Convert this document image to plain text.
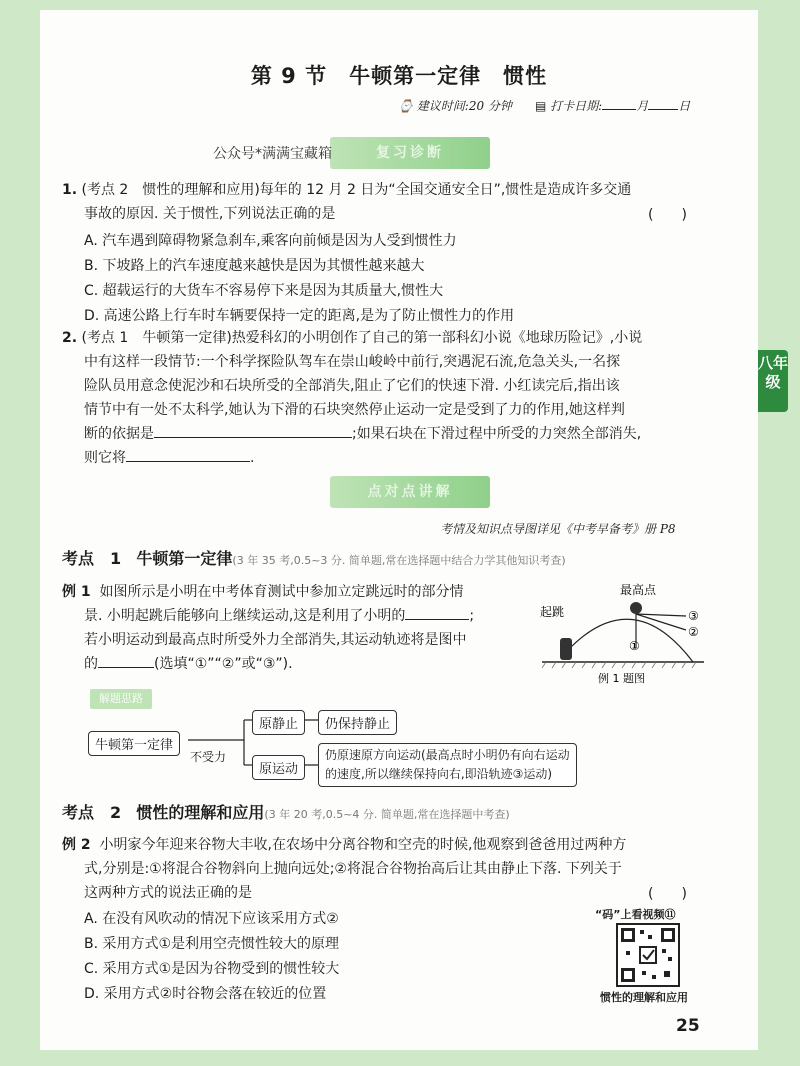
八年级
第 9 节　牛顿第一定律　惯性
⌚ 建议时间:20 分钟 ▤ 打卡日期:	月	日
复习诊断
公众号*满满宝藏箱
1. (考点 2　惯性的理解和应用)每年的 12 月 2 日为“全国交通安全日”,惯性是造成许多交通
事故的原因. 关于惯性,下列说法正确的是	(　　)
A. 汽车遇到障碍物紧急刹车,乘客向前倾是因为人受到惯性力
B. 下坡路上的汽车速度越来越快是因为其惯性越来越大
C. 超载运行的大货车不容易停下来是因为其质量大,惯性大
D. 高速公路上行车时车辆要保持一定的距离,是为了防止惯性力的作用
2. (考点 1　牛顿第一定律)热爱科幻的小明创作了自己的第一部科幻小说《地球历险记》,小说
中有这样一段情节:一个科学探险队驾车在崇山峻岭中前行,突遇泥石流,危急关头,一名探
险队员用意念使泥沙和石块所受的全部消失,阻止了它们的快速下滑. 小红读完后,指出该
情节中有一处不太科学,她认为下滑的石块突然停止运动一定是受到了力的作用,她这样判
断的依据是	;如果石块在下滑过程中所受的力突然全部消失,
则它将	.
点对点讲解
考情及知识点导图详见《中考早备考》册 P8
考点　1 牛顿第一定律(3 年 35 考,0.5~3 分. 简单题,常在选择题中结合力学其他知识考查)
例 1 如图所示是小明在中考体育测试中参加立定跳远时的部分情
景. 小明起跳后能够向上继续运动,这是利用了小明的	;
若小明运动到最高点时所受外力全部消失,其运动轨迹将是图中
的	(选填“①”“②”或“③”).
最高点
起跳
①
②
③
例 1 题图
解题思路
牛顿第一定律
不受力
原静止	仍保持静止
原运动
仍原速原方向运动(最高点时小明仍有向右运动
的速度,所以继续保持向右,即沿轨迹③运动)
考点　2 惯性的理解和应用(3 年 20 考,0.5~4 分. 简单题,常在选择题中考查)
例 2 小明家今年迎来谷物大丰收,在农场中分离谷物和空壳的时候,他观察到爸爸用过两种方
式,分别是:①将混合谷物斜向上抛向远处;②将混合谷物抬高后让其由静止下落. 下列关于
这两种方式的说法正确的是	(　　)
A. 在没有风吹动的情况下应该采用方式②
B. 采用方式①是利用空壳惯性较大的原理
C. 采用方式①是因为谷物受到的惯性较大
D. 采用方式②时谷物会落在较近的位置
“码”上看视频⑪
惯性的理解和应用
25
